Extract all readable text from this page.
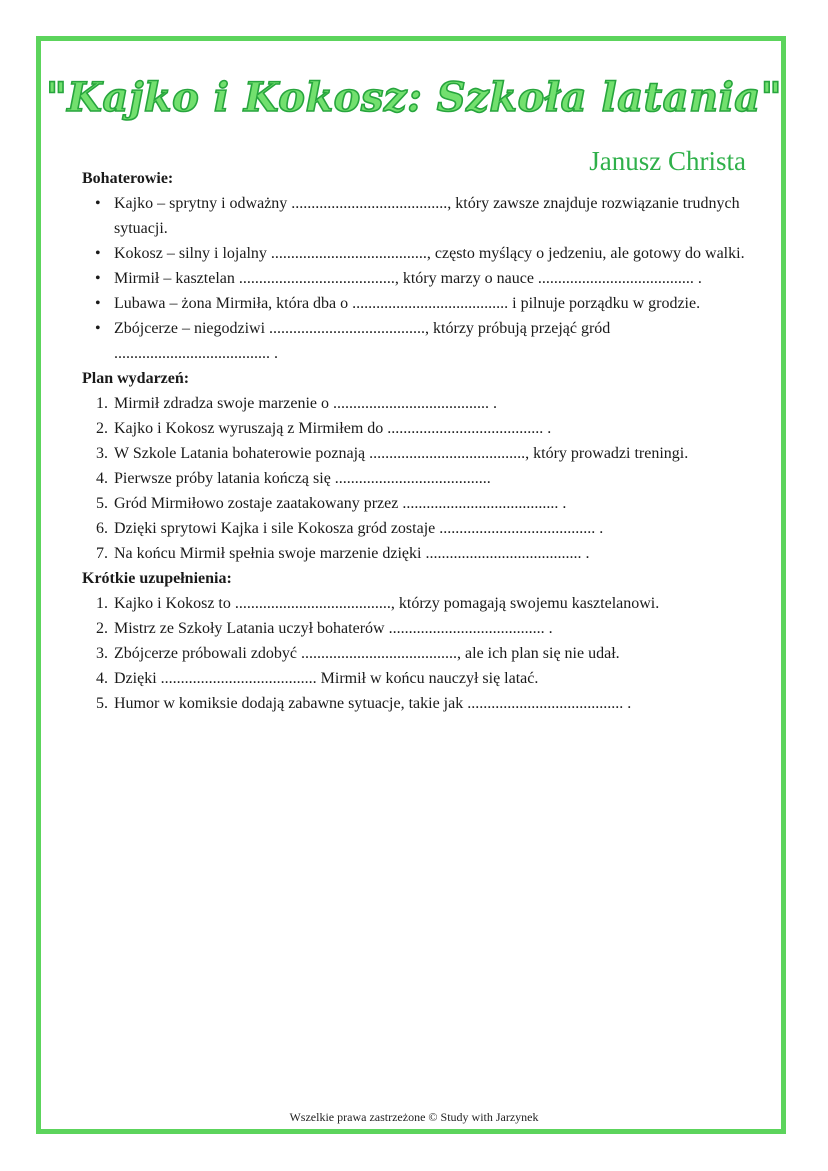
"Kajko i Kokosz: Szkoła latania"
Janusz Christa

Bohaterowie:

• Kajko – sprytny i odważny ......................................., który zawsze znajduje rozwiązanie trudnych sytuacji.
• Kokosz – silny i lojalny ......................................., często myślący o jedzeniu, ale gotowy do walki.
• Mirmił – kasztelan ......................................., który marzy o nauce ....................................... .
• Lubawa – żona Mirmiła, która dba o ....................................... i pilnuje porządku w grodzie.
• Zbójcerze – niegodziwi ......................................., którzy próbują przejąć gród ....................................... .

Plan wydarzeń:

1. Mirmił zdradza swoje marzenie o ....................................... .
2. Kajko i Kokosz wyruszają z Mirmiłem do ....................................... .
3. W Szkole Latania bohaterowie poznają ......................................., który prowadzi treningi.
4. Pierwsze próby latania kończą się .......................................
5. Gród Mirmiłowo zostaje zaatakowany przez ....................................... .
6. Dzięki sprytowi Kajka i sile Kokosza gród zostaje ....................................... .
7. Na końcu Mirmił spełnia swoje marzenie dzięki ....................................... .

Krótkie uzupełnienia:

1. Kajko i Kokosz to ......................................., którzy pomagają swojemu kasztelanowi.
2. Mistrz ze Szkoły Latania uczył bohaterów ....................................... .
3. Zbójcerze próbowali zdobyć ......................................., ale ich plan się nie udał.
4. Dzięki ....................................... Mirmił w końcu nauczył się latać.
5. Humor w komiksie dodają zabawne sytuacje, takie jak ....................................... .
Wszelkie prawa zastrzeżone © Study with Jarzynek
